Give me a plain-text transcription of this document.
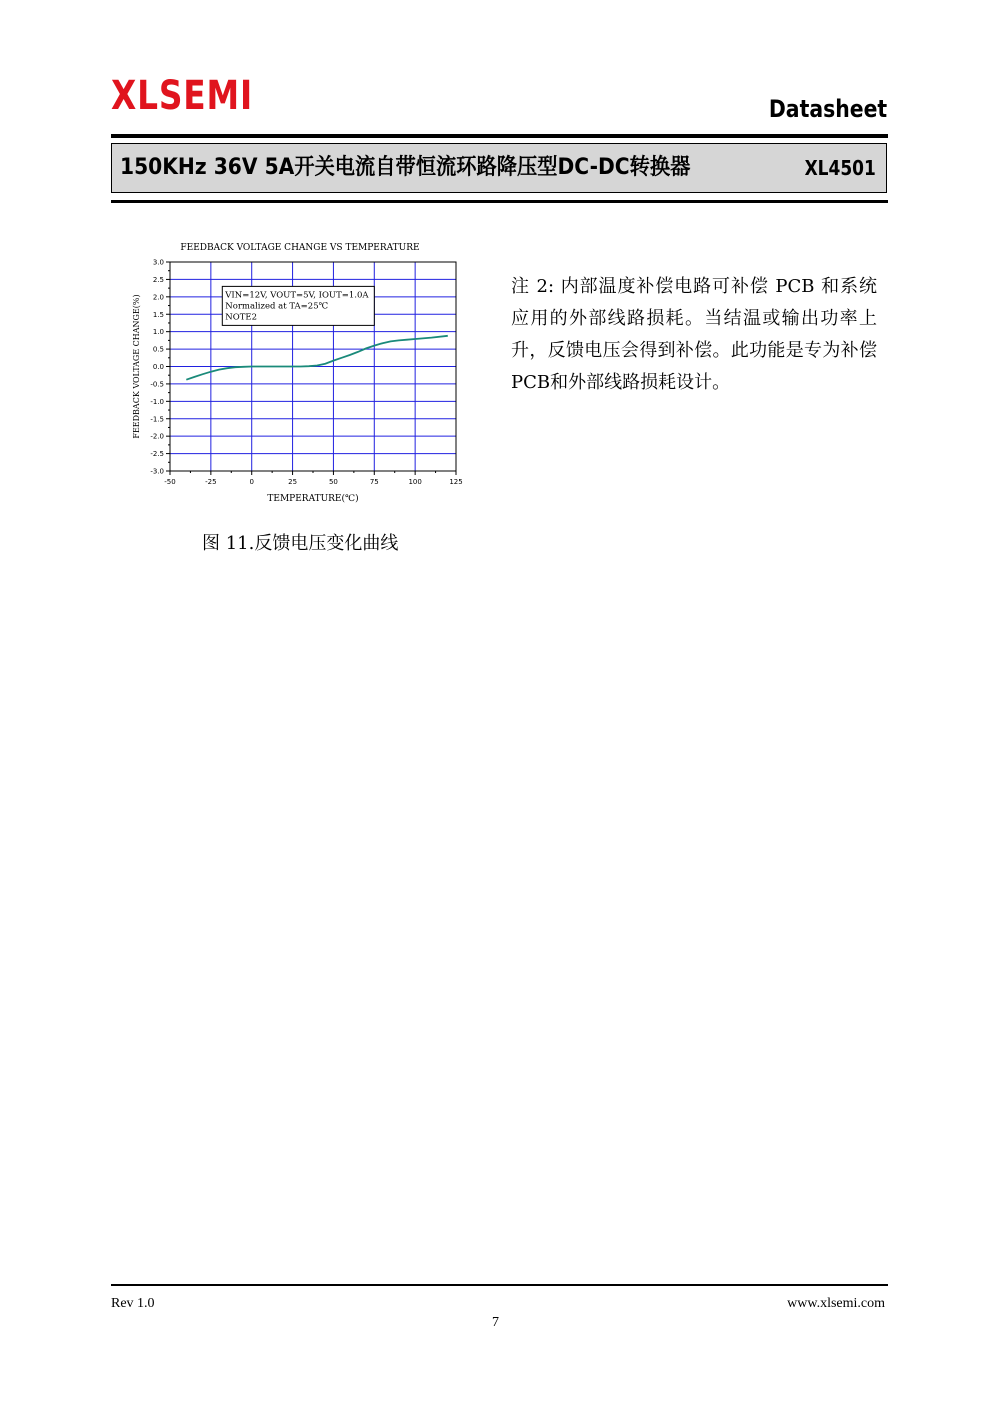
XLSEMI	Datasheet
150KHz 36V 5A开关电流自带恒流环路降压型DC-DC转换器	XL4501
-50	-25	0	25	50	75	100	125
3.0
2.5
2.0
1.5
1.0
0.5
0.0
-0.5
-1.0
-1.5
-2.0
-2.5
-3.0
FEEDBACK VOLTAGE CHANGE VS TEMPERATURE
TEMPERATURE(℃)
FEEDBACK VOLTAGE CHANGE(%)	VIN=12V, VOUT=5V, IOUT=1.0A
Normalized at TA=25℃
NOTE2
图 11.反馈电压变化曲线
注 2: 内部温度补偿电路可补偿 PCB 和系统应用的外部线路损耗。当结温或输出功率上升，反馈电压会得到补偿。此功能是专为补偿PCB和外部线路损耗设计。
Rev 1.0	www.xlsemi.com
7
